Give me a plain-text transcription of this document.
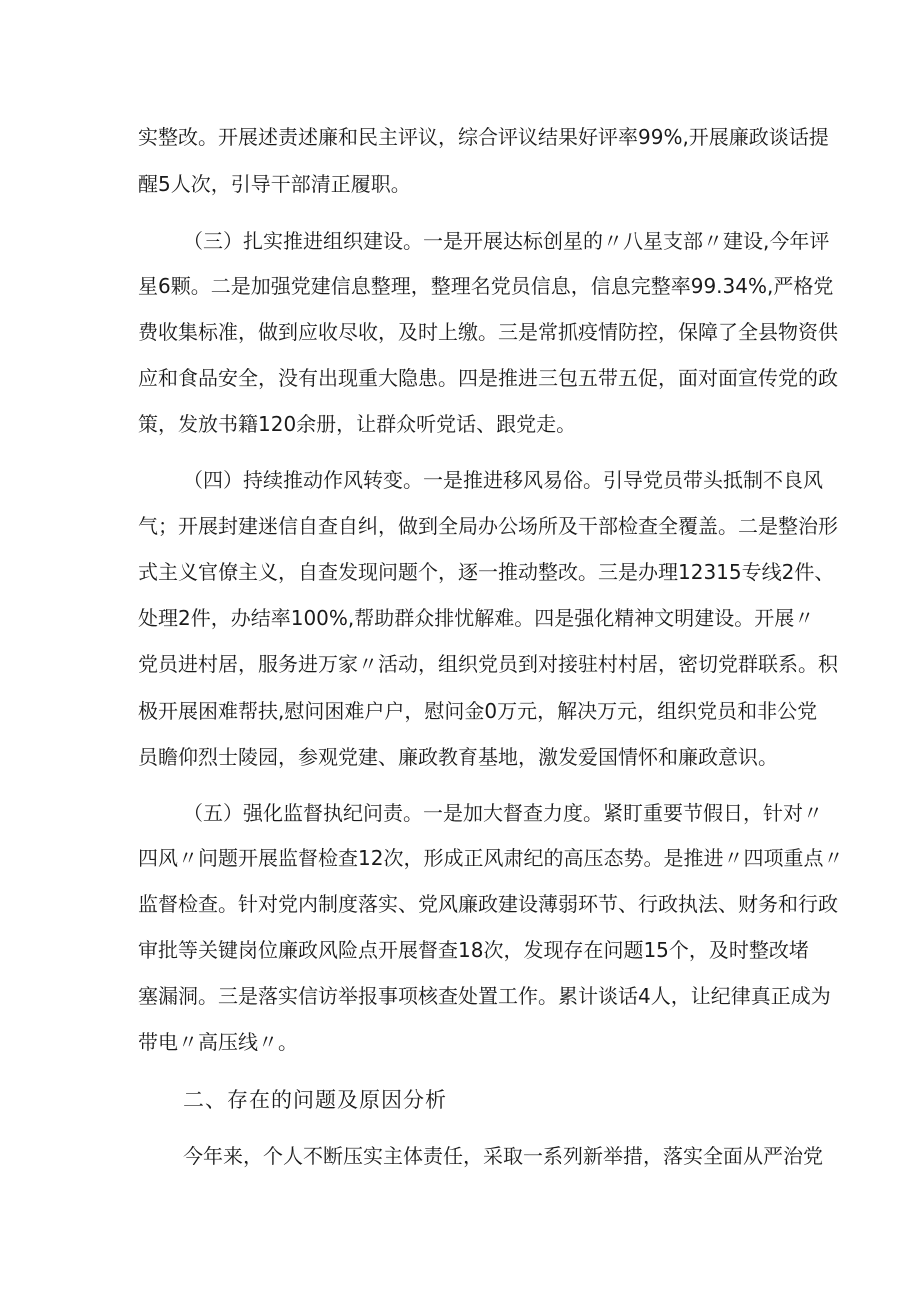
实整改。开展述责述廉和民主评议，综合评议结果好评率99%,开展廉政谈话提
醒5人次，引导干部清正履职。
（三）扎实推进组织建设。一是开展达标创星的〃八星支部〃建设,今年评
星6颗。二是加强党建信息整理，整理名党员信息，信息完整率99.34%,严格党
费收集标准，做到应收尽收，及时上缴。三是常抓疫情防控，保障了全县物资供
应和食品安全，没有出现重大隐患。四是推进三包五带五促，面对面宣传党的政
策，发放书籍120余册，让群众听党话、跟党走。
（四）持续推动作风转变。一是推进移风易俗。引导党员带头抵制不良风
气；开展封建迷信自查自纠，做到全局办公场所及干部检查全覆盖。二是整治形
式主义官僚主义，自查发现问题个，逐一推动整改。三是办理12315专线2件、
处理2件，办结率100%,帮助群众排忧解难。四是强化精神文明建设。开展〃
党员进村居，服务进万家〃活动，组织党员到对接驻村村居，密切党群联系。积
极开展困难帮扶,慰问困难户户，慰问金0万元，解决万元，组织党员和非公党
员瞻仰烈士陵园，参观党建、廉政教育基地，激发爱国情怀和廉政意识。
（五）强化监督执纪问责。一是加大督查力度。紧盯重要节假日，针对〃
四风〃问题开展监督检查12次，形成正风肃纪的高压态势。是推进〃四项重点〃
监督检查。针对党内制度落实、党风廉政建设薄弱环节、行政执法、财务和行政
审批等关键岗位廉政风险点开展督查18次，发现存在问题15个，及时整改堵
塞漏洞。三是落实信访举报事项核查处置工作。累计谈话4人，让纪律真正成为
带电〃高压线〃。
二、存在的问题及原因分析
今年来，个人不断压实主体责任，采取一系列新举措，落实全面从严治党
